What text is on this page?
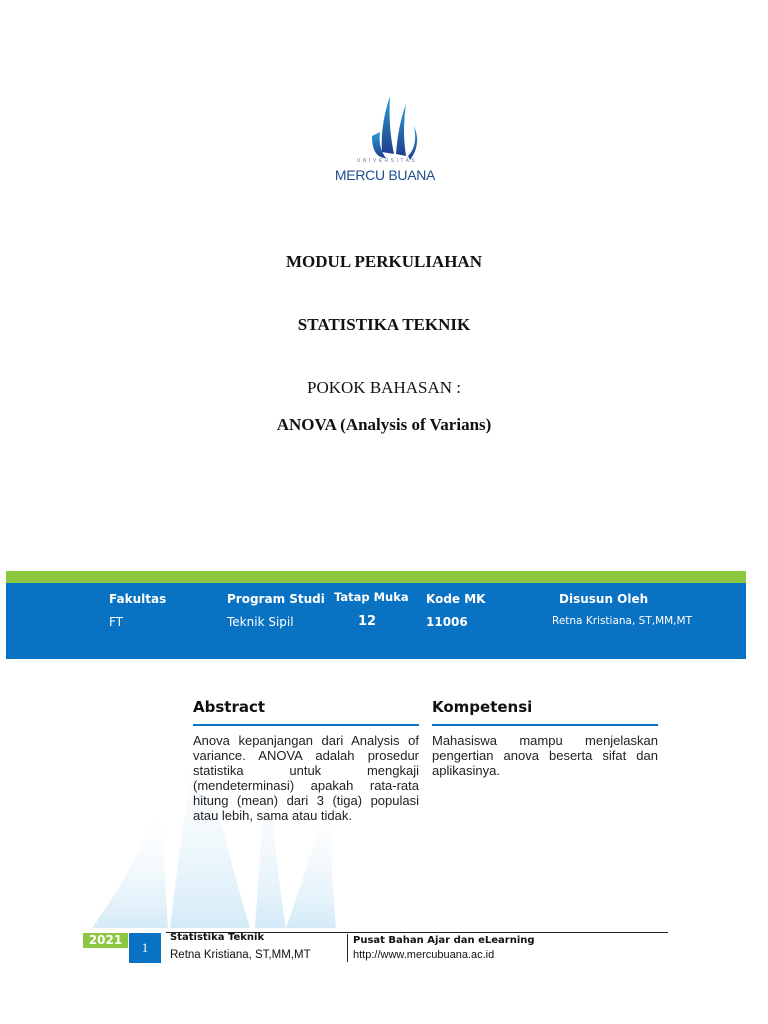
UNIVERSITAS
MERCU BUANA
MODUL PERKULIAHAN
STATISTIKA TEKNIK
POKOK BAHASAN :
ANOVA (Analysis of Varians)
Fakultas
FT
Program Studi
Teknik Sipil
Tatap Muka
12
Kode MK
11006
Disusun Oleh
Retna Kristiana, ST,MM,MT
Abstract
Anova kepanjangan dari Analysis of variance. ANOVA adalah prosedur statistika untuk mengkaji (mendeterminasi) apakah rata-rata hitung (mean) dari 3 (tiga) populasi atau lebih, sama atau tidak.
Kompetensi
Mahasiswa mampu menjelaskan pengertian anova beserta sifat dan aplikasinya.
2021	1
Statistika Teknik
Retna Kristiana, ST,MM,MT
Pusat Bahan Ajar dan eLearning
http://www.mercubuana.ac.id
